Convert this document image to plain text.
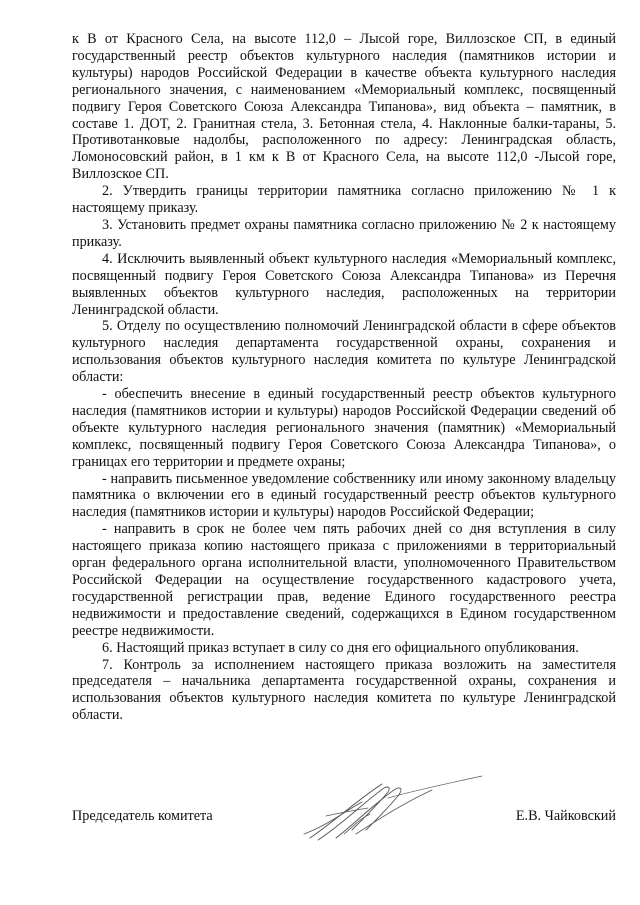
к В от Красного Села, на высоте 112,0 – Лысой горе, Виллозское СП, в единый государственный реестр объектов культурного наследия (памятников истории и культуры) народов Российской Федерации в качестве объекта культурного наследия регионального значения, с наименованием «Мемориальный комплекс, посвященный подвигу Героя Советского Союза Александра Типанова», вид объекта – памятник, в составе 1. ДОТ, 2. Гранитная стела, 3. Бетонная стела, 4. Наклонные балки-тараны, 5. Противотанковые надолбы, расположенного по адресу: Ленинградская область, Ломоносовский район, в 1 км к В от Красного Села, на высоте 112,0 -Лысой горе, Виллозское СП.

2. Утвердить границы территории памятника согласно приложению № 1 к настоящему приказу.

3. Установить предмет охраны памятника согласно приложению № 2 к настоящему приказу.

4. Исключить выявленный объект культурного наследия «Мемориальный комплекс, посвященный подвигу Героя Советского Союза Александра Типанова» из Перечня выявленных объектов культурного наследия, расположенных на территории Ленинградской области.

5. Отделу по осуществлению полномочий Ленинградской области в сфере объектов культурного наследия департамента государственной охраны, сохранения и использования объектов культурного наследия комитета по культуре Ленинградской области:

- обеспечить внесение в единый государственный реестр объектов культурного наследия (памятников истории и культуры) народов Российской Федерации сведений об объекте культурного наследия регионального значения (памятник) «Мемориальный комплекс, посвященный подвигу Героя Советского Союза Александра Типанова», о границах его территории и предмете охраны;

- направить письменное уведомление собственнику или иному законному владельцу памятника о включении его в единый государственный реестр объектов культурного наследия (памятников истории и культуры) народов Российской Федерации;

- направить в срок не более чем пять рабочих дней со дня вступления в силу настоящего приказа копию настоящего приказа с приложениями в территориальный орган федерального органа исполнительной власти, уполномоченного Правительством Российской Федерации на осуществление государственного кадастрового учета, государственной регистрации прав, ведение Единого государственного реестра недвижимости и предоставление сведений, содержащихся в Едином государственном реестре недвижимости.

6. Настоящий приказ вступает в силу со дня его официального опубликования.

7. Контроль за исполнением настоящего приказа возложить на заместителя председателя – начальника департамента государственной охраны, сохранения и использования объектов культурного наследия комитета по культуре Ленинградской области.

Председатель комитета	Е.В. Чайковский
